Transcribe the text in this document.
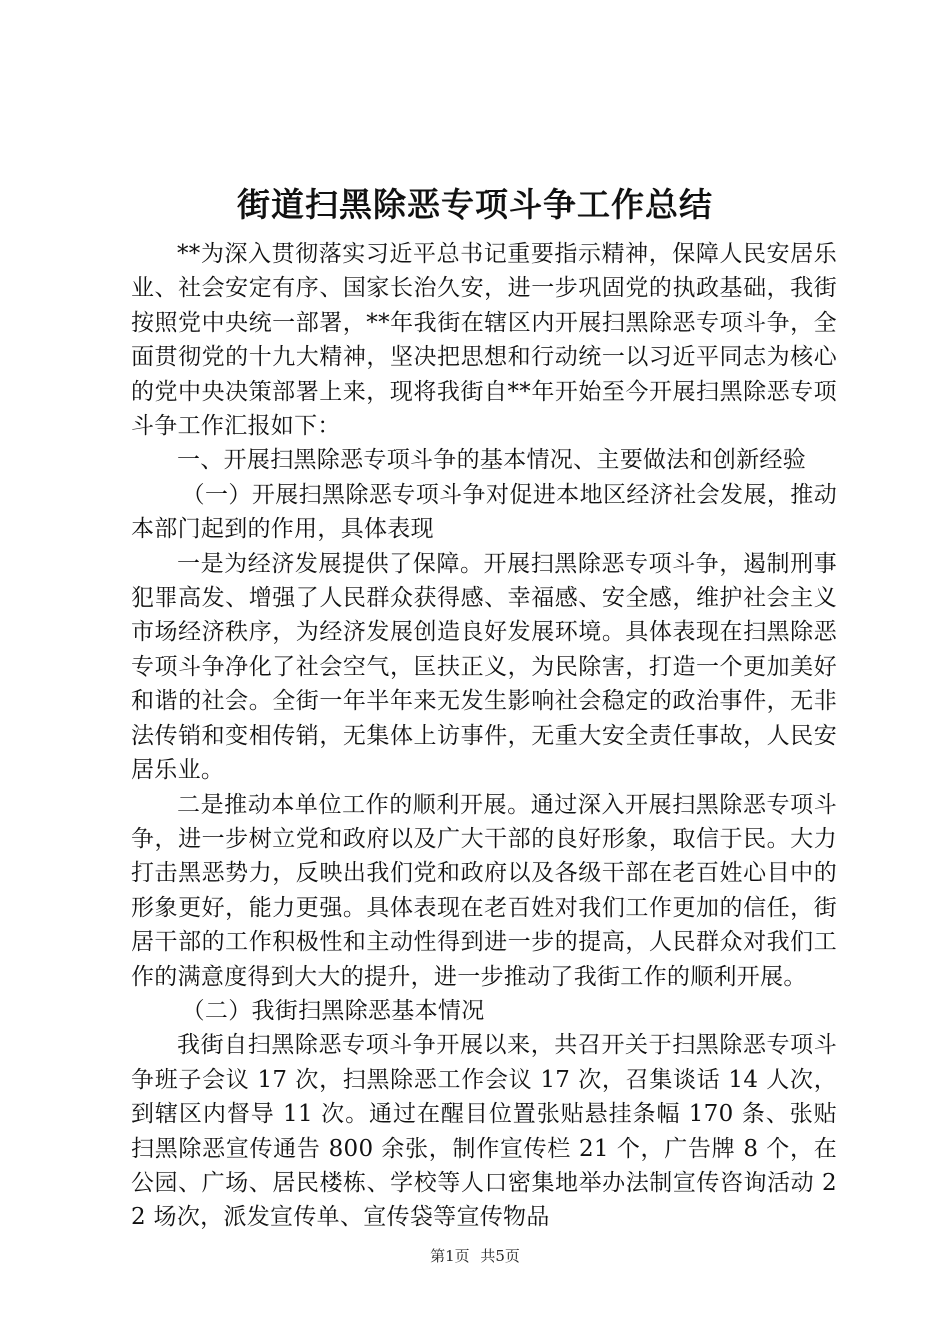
街道扫黑除恶专项斗争工作总结

**为深入贯彻落实习近平总书记重要指示精神，保障人民安居乐业、社会安定有序、国家长治久安，进一步巩固党的执政基础，我街按照党中央统一部署，**年我街在辖区内开展扫黑除恶专项斗争，全面贯彻党的十九大精神，坚决把思想和行动统一以习近平同志为核心的党中央决策部署上来，现将我街自**年开始至今开展扫黑除恶专项斗争工作汇报如下：

一、开展扫黑除恶专项斗争的基本情况、主要做法和创新经验

（一）开展扫黑除恶专项斗争对促进本地区经济社会发展，推动本部门起到的作用，具体表现

一是为经济发展提供了保障。开展扫黑除恶专项斗争，遏制刑事犯罪高发、增强了人民群众获得感、幸福感、安全感，维护社会主义市场经济秩序，为经济发展创造良好发展环境。具体表现在扫黑除恶专项斗争净化了社会空气，匡扶正义，为民除害，打造一个更加美好和谐的社会。全街一年半年来无发生影响社会稳定的政治事件，无非法传销和变相传销，无集体上访事件，无重大安全责任事故，人民安居乐业。

二是推动本单位工作的顺利开展。通过深入开展扫黑除恶专项斗争，进一步树立党和政府以及广大干部的良好形象，取信于民。大力打击黑恶势力，反映出我们党和政府以及各级干部在老百姓心目中的形象更好，能力更强。具体表现在老百姓对我们工作更加的信任，街居干部的工作积极性和主动性得到进一步的提高，人民群众对我们工作的满意度得到大大的提升，进一步推动了我街工作的顺利开展。

（二）我街扫黑除恶基本情况

我街自扫黑除恶专项斗争开展以来，共召开关于扫黑除恶专项斗争班子会议 17 次，扫黑除恶工作会议 17 次，召集谈话 14 人次，到辖区内督导 11 次。通过在醒目位置张贴悬挂条幅 170 条、张贴扫黑除恶宣传通告 800 余张，制作宣传栏 21 个，广告牌 8 个，在公园、广场、居民楼栋、学校等人口密集地举办法制宣传咨询活动 22 场次，派发宣传单、宣传袋等宣传物品

第1页 共5页
